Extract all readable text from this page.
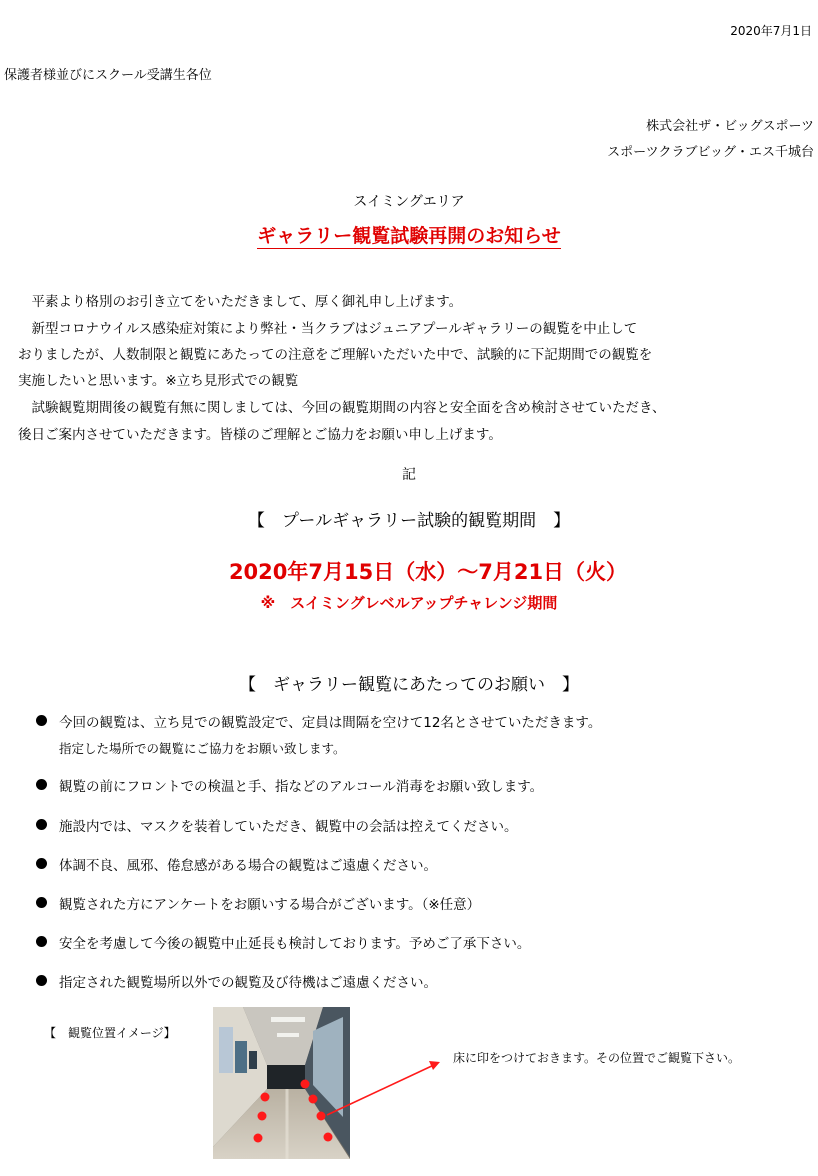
2020年7月1日
保護者様並びにスクール受講生各位
株式会社ザ・ビッグスポーツ
スポーツクラブビッグ・エス千城台
スイミングエリア
ギャラリー観覧試験再開のお知らせ
　平素より格別のお引き立てをいただきまして、厚く御礼申し上げます。
　新型コロナウイルス感染症対策により弊社・当クラブはジュニアプールギャラリーの観覧を中止して
おりましたが、人数制限と観覧にあたっての注意をご理解いただいた中で、試験的に下記期間での観覧を
実施したいと思います。※立ち見形式での観覧
　試験観覧期間後の観覧有無に関しましては、今回の観覧期間の内容と安全面を含め検討させていただき、
後日ご案内させていただきます。皆様のご理解とご協力をお願い申し上げます。
記
【　プールギャラリー試験的観覧期間　】
2020年7月15日（水）～7月21日（火）
※　スイミングレベルアップチャレンジ期間
【　ギャラリー観覧にあたってのお願い　】
今回の観覧は、立ち見での観覧設定で、定員は間隔を空けて12名とさせていただきます。
指定した場所での観覧にご協力をお願い致します。
観覧の前にフロントでの検温と手、指などのアルコール消毒をお願い致します。
施設内では、マスクを装着していただき、観覧中の会話は控えてください。
体調不良、風邪、倦怠感がある場合の観覧はご遠慮ください。
観覧された方にアンケートをお願いする場合がございます。（※任意）
安全を考慮して今後の観覧中止延長も検討しております。予めご了承下さい。
指定された観覧場所以外での観覧及び待機はご遠慮ください。
【　観覧位置イメージ】
床に印をつけておきます。その位置でご観覧下さい。
